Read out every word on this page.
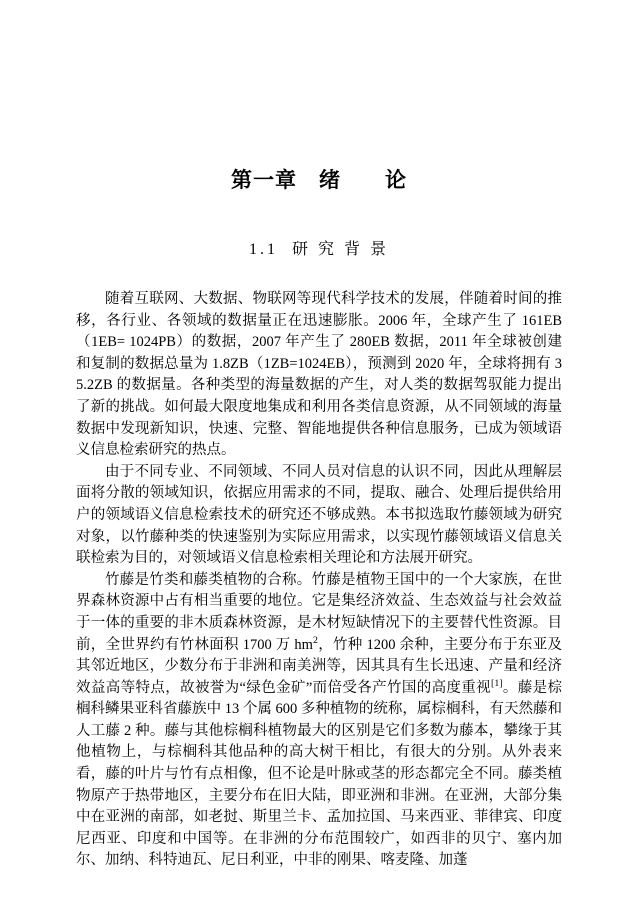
第一章　绪　　论
1.1  研 究 背 景

随着互联网、大数据、物联网等现代科学技术的发展，伴随着时间的推移，各行业、各领域的数据量正在迅速膨胀。2006 年，全球产生了 161EB（1EB= 1024PB）的数据，2007 年产生了 280EB 数据，2011 年全球被创建和复制的数据总量为 1.8ZB（1ZB=1024EB），预测到 2020 年，全球将拥有 35.2ZB 的数据量。各种类型的海量数据的产生，对人类的数据驾驭能力提出了新的挑战。如何最大限度地集成和利用各类信息资源，从不同领域的海量数据中发现新知识，快速、完整、智能地提供各种信息服务，已成为领域语义信息检索研究的热点。

由于不同专业、不同领域、不同人员对信息的认识不同，因此从理解层面将分散的领域知识，依据应用需求的不同，提取、融合、处理后提供给用户的领域语义信息检索技术的研究还不够成熟。本书拟选取竹藤领域为研究对象，以竹藤种类的快速鉴别为实际应用需求，以实现竹藤领域语义信息关联检索为目的，对领域语义信息检索相关理论和方法展开研究。

竹藤是竹类和藤类植物的合称。竹藤是植物王国中的一个大家族，在世界森林资源中占有相当重要的地位。它是集经济效益、生态效益与社会效益于一体的重要的非木质森林资源，是木材短缺情况下的主要替代性资源。目前，全世界约有竹林面积 1700 万 $hm^2$，竹种 1200 余种，主要分布于东亚及其邻近地区，少数分布于非洲和南美洲等，因其具有生长迅速、产量和经济效益高等特点，故被誉为“绿色金矿”而倍受各产竹国的高度重视[1]。藤是棕榈科鳞果亚科省藤族中 13 个属 600 多种植物的统称，属棕榈科，有天然藤和人工藤 2 种。藤与其他棕榈科植物最大的区别是它们多数为藤本，攀缘于其他植物上，与棕榈科其他品种的高大树干相比，有很大的分别。从外表来看，藤的叶片与竹有点相像，但不论是叶脉或茎的形态都完全不同。藤类植物原产于热带地区，主要分布在旧大陆，即亚洲和非洲。在亚洲，大部分集中在亚洲的南部，如老挝、斯里兰卡、孟加拉国、马来西亚、菲律宾、印度尼西亚、印度和中国等。在非洲的分布范围较广，如西非的贝宁、塞内加尔、加纳、科特迪瓦、尼日利亚，中非的刚果、喀麦隆、加蓬
